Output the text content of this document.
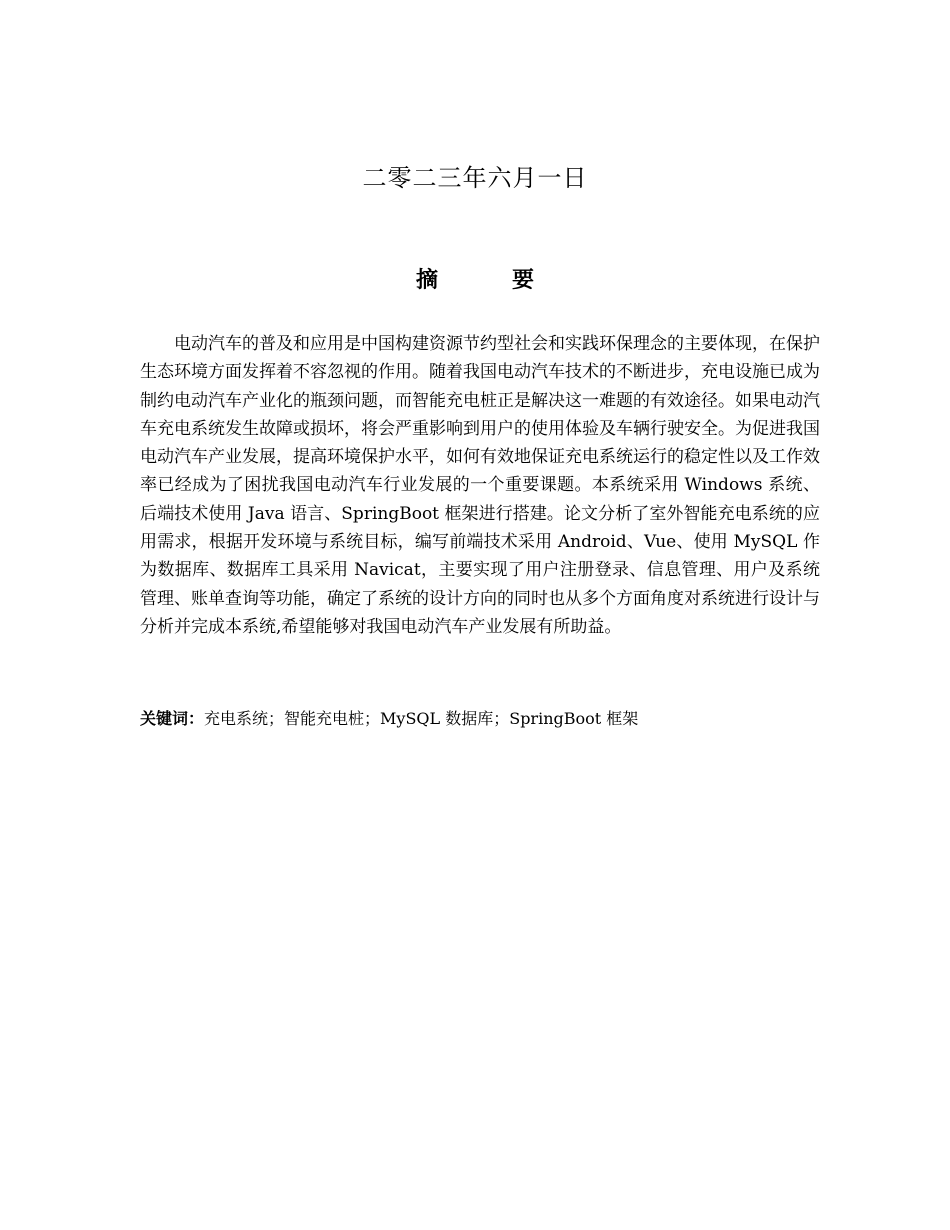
二零二三年六月一日
摘　要

电动汽车的普及和应用是中国构建资源节约型社会和实践环保理念的主要体现，在保护生态环境方面发挥着不容忽视的作用。随着我国电动汽车技术的不断进步，充电设施已成为制约电动汽车产业化的瓶颈问题，而智能充电桩正是解决这一难题的有效途径。如果电动汽车充电系统发生故障或损坏，将会严重影响到用户的使用体验及车辆行驶安全。为促进我国电动汽车产业发展，提高环境保护水平，如何有效地保证充电系统运行的稳定性以及工作效率已经成为了困扰我国电动汽车行业发展的一个重要课题。本系统采用 Windows 系统、后端技术使用 Java 语言、SpringBoot 框架进行搭建。论文分析了室外智能充电系统的应用需求，根据开发环境与系统目标，编写前端技术采用 Android、Vue、使用 MySQL 作为数据库、数据库工具采用 Navicat，主要实现了用户注册登录、信息管理、用户及系统管理、账单查询等功能，确定了系统的设计方向的同时也从多个方面角度对系统进行设计与分析并完成本系统,希望能够对我国电动汽车产业发展有所助益。

关键词：充电系统；智能充电桩；MySQL 数据库；SpringBoot 框架
